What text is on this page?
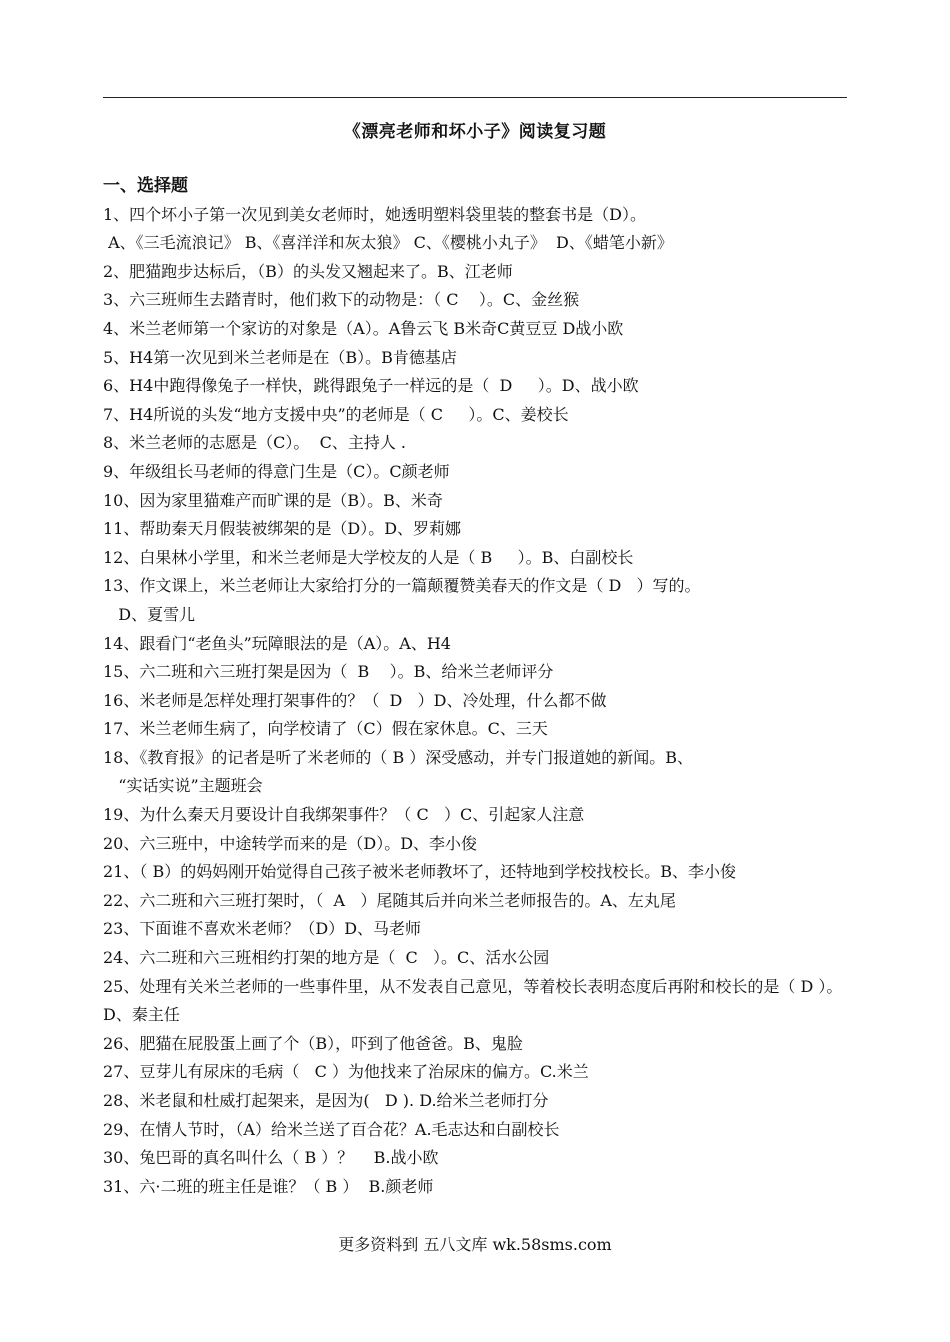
《漂亮老师和坏小子》阅读复习题
一、选择题
1、四个坏小子第一次见到美女老师时，她透明塑料袋里装的整套书是（D）。
A、《三毛流浪记》 B、《喜洋洋和灰太狼》 C、《樱桃小丸子》  D、《蜡笔小新》
2、肥猫跑步达标后，（B）的头发又翘起来了。B、江老师
3、六三班师生去踏青时，他们救下的动物是：（ C    ）。C、金丝猴
4、米兰老师第一个家访的对象是（A）。A鲁云飞 B米奇C黄豆豆 D战小欧
5、H4第一次见到米兰老师是在（B）。B肯德基店
6、H4中跑得像兔子一样快，跳得跟兔子一样远的是（  D     ）。D、战小欧
7、H4所说的头发“地方支援中央”的老师是（ C     ）。C、姜校长
8、米兰老师的志愿是（C）。  C、主持人 .
9、年级组长马老师的得意门生是（C）。C颜老师
10、因为家里猫难产而旷课的是（B）。B、米奇
11、帮助秦天月假装被绑架的是（D）。D、罗莉娜
12、白果林小学里，和米兰老师是大学校友的人是（ B     ）。B、白副校长
13、作文课上，米兰老师让大家给打分的一篇颠覆赞美春天的作文是（ D   ）写的。
D、夏雪儿
14、跟看门“老鱼头”玩障眼法的是（A）。A、H4
15、六二班和六三班打架是因为（  B    ）。B、给米兰老师评分
16、米老师是怎样处理打架事件的？（  D   ）D、冷处理，什么都不做
17、米兰老师生病了，向学校请了（C）假在家休息。C、三天
18、《教育报》的记者是听了米老师的（ B ）深受感动，并专门报道她的新闻。B、
“实话实说”主题班会
19、为什么秦天月要设计自我绑架事件？（ C   ）C、引起家人注意
20、六三班中，中途转学而来的是（D）。D、李小俊
21、（ B）的妈妈刚开始觉得自己孩子被米老师教坏了，还特地到学校找校长。B、李小俊
22、六二班和六三班打架时，（  A   ）尾随其后并向米兰老师报告的。A、左丸尾
23、下面谁不喜欢米老师？（D）D、马老师
24、六二班和六三班相约打架的地方是（  C   ）。C、活水公园
25、处理有关米兰老师的一些事件里，从不发表自己意见，等着校长表明态度后再附和校长的是（ D ）。D、秦主任
26、肥猫在屁股蛋上画了个（B），吓到了他爸爸。B、鬼脸
27、豆芽儿有尿床的毛病（   C ）为他找来了治尿床的偏方。C.米兰
28、米老鼠和杜威打起架来，是因为(   D ). D.给米兰老师打分
29、在情人节时，（A）给米兰送了百合花？A.毛志达和白副校长
30、兔巴哥的真名叫什么（ B ）？    B.战小欧
31、六·二班的班主任是谁？（ B ）  B.颜老师
更多资料到 五八文库 wk.58sms.com
